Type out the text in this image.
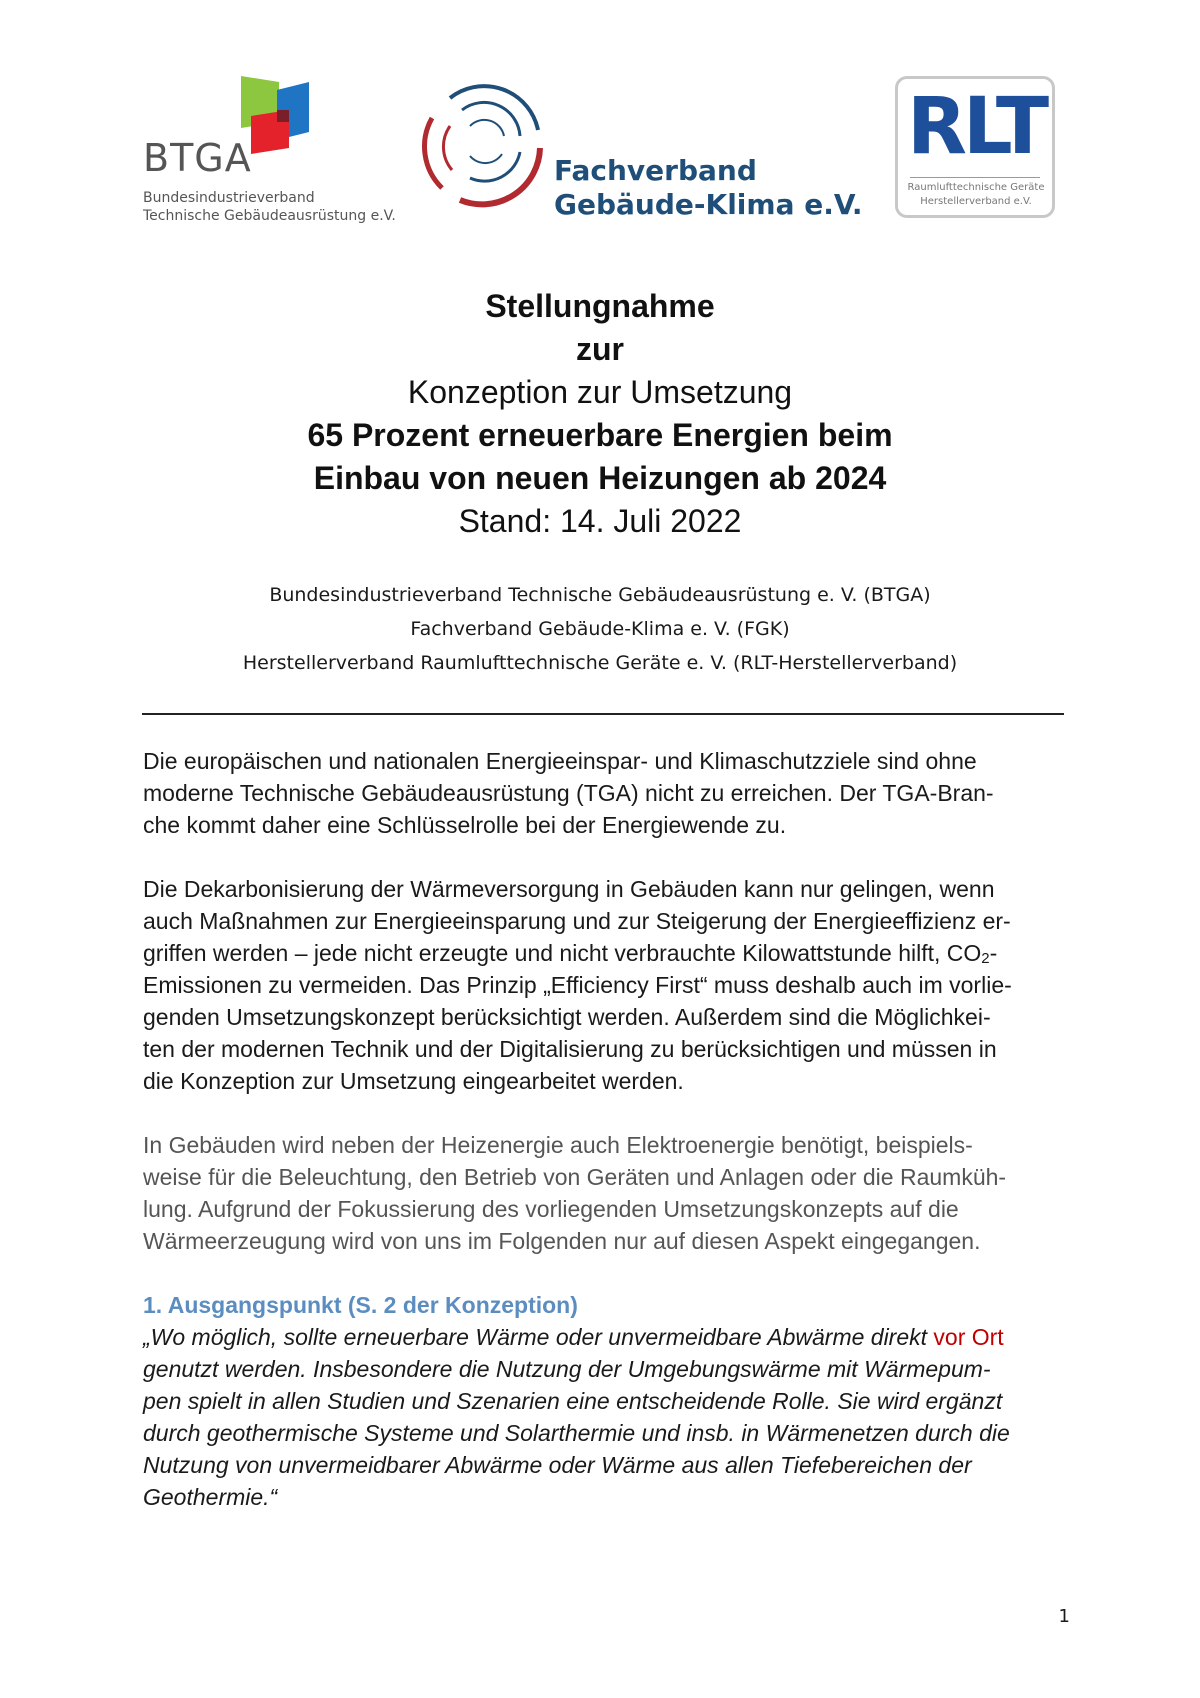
BTGA
Bundesindustrieverband
Technische Gebäudeausrüstung e.V.
Fachverband
Gebäude-Klima e.V.
RLT
Raumlufttechnische Geräte
Herstellerverband e.V.
Stellungnahme
zur
Konzeption zur Umsetzung
65 Prozent erneuerbare Energien beim
Einbau von neuen Heizungen ab 2024
Stand: 14. Juli 2022
Bundesindustrieverband Technische Gebäudeausrüstung e. V. (BTGA)
Fachverband Gebäude-Klima e. V. (FGK)
Herstellerverband Raumlufttechnische Geräte e. V. (RLT-Herstellerverband)
Die europäischen und nationalen Energieeinspar- und Klimaschutzziele sind ohne
moderne Technische Gebäudeausrüstung (TGA) nicht zu erreichen. Der TGA-Bran-
che kommt daher eine Schlüsselrolle bei der Energiewende zu.
Die Dekarbonisierung der Wärmeversorgung in Gebäuden kann nur gelingen, wenn
auch Maßnahmen zur Energieeinsparung und zur Steigerung der Energieeffizienz er-
griffen werden – jede nicht erzeugte und nicht verbrauchte Kilowattstunde hilft, $CO_2-$
Emissionen zu vermeiden. Das Prinzip „Efficiency First“ muss deshalb auch im vorlie-
genden Umsetzungskonzept berücksichtigt werden. Außerdem sind die Möglichkei-
ten der modernen Technik und der Digitalisierung zu berücksichtigen und müssen in
die Konzeption zur Umsetzung eingearbeitet werden.
In Gebäuden wird neben der Heizenergie auch Elektroenergie benötigt, beispiels-
weise für die Beleuchtung, den Betrieb von Geräten und Anlagen oder die Raumküh-
lung. Aufgrund der Fokussierung des vorliegenden Umsetzungskonzepts auf die
Wärmeerzeugung wird von uns im Folgenden nur auf diesen Aspekt eingegangen.
1. Ausgangspunkt (S. 2 der Konzeption)
„Wo möglich, sollte erneuerbare Wärme oder unvermeidbare Abwärme direkt vor Ort
genutzt werden. Insbesondere die Nutzung der Umgebungswärme mit Wärmepum-
pen spielt in allen Studien und Szenarien eine entscheidende Rolle. Sie wird ergänzt
durch geothermische Systeme und Solarthermie und insb. in Wärmenetzen durch die
Nutzung von unvermeidbarer Abwärme oder Wärme aus allen Tiefebereichen der
Geothermie.“
1
